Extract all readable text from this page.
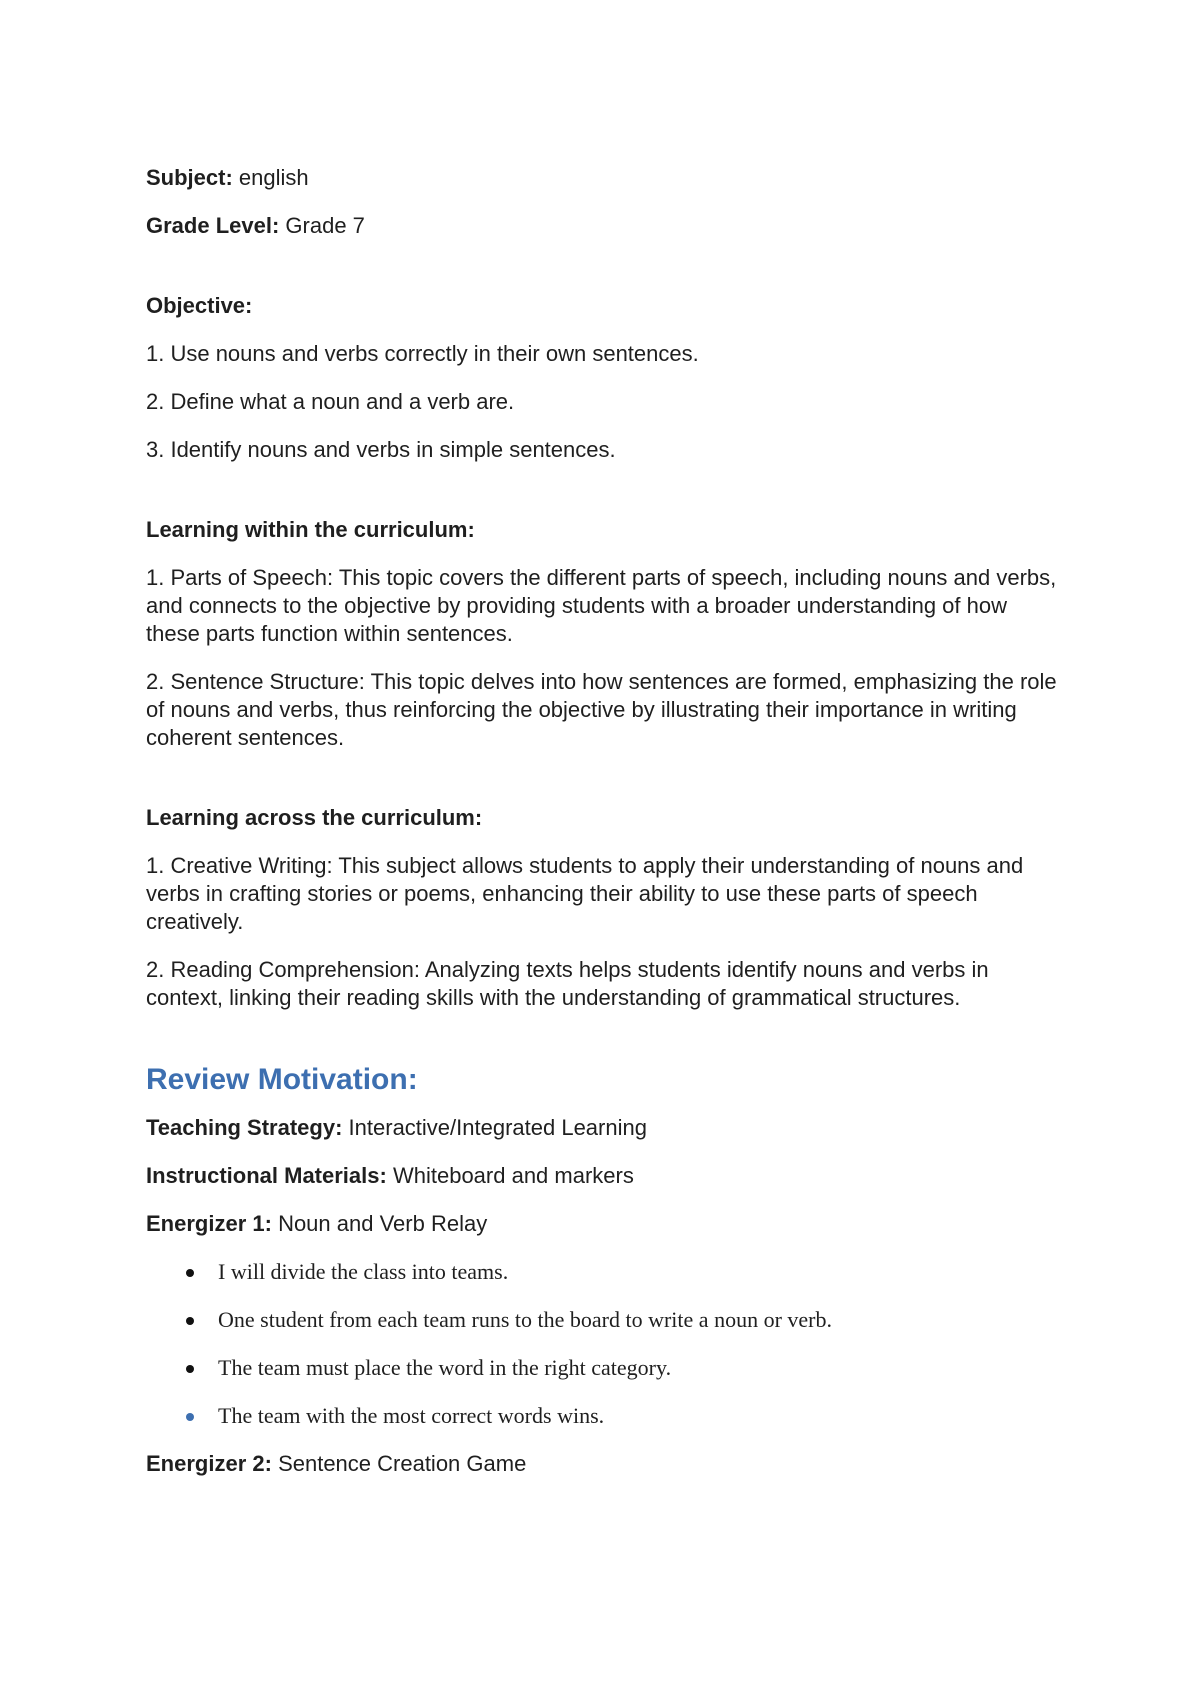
Subject: english

Grade Level: Grade 7

Objective:

1. Use nouns and verbs correctly in their own sentences.

2. Define what a noun and a verb are.

3. Identify nouns and verbs in simple sentences.

Learning within the curriculum:

1. Parts of Speech: This topic covers the different parts of speech, including nouns and verbs, and connects to the objective by providing students with a broader understanding of how these parts function within sentences.

2. Sentence Structure: This topic delves into how sentences are formed, emphasizing the role of nouns and verbs, thus reinforcing the objective by illustrating their importance in writing coherent sentences.

Learning across the curriculum:

1. Creative Writing: This subject allows students to apply their understanding of nouns and verbs in crafting stories or poems, enhancing their ability to use these parts of speech creatively.

2. Reading Comprehension: Analyzing texts helps students identify nouns and verbs in context, linking their reading skills with the understanding of grammatical structures.

Review Motivation:

Teaching Strategy: Interactive/Integrated Learning

Instructional Materials: Whiteboard and markers

Energizer 1: Noun and Verb Relay

I will divide the class into teams.
One student from each team runs to the board to write a noun or verb.
The team must place the word in the right category.
The team with the most correct words wins.

Energizer 2: Sentence Creation Game
